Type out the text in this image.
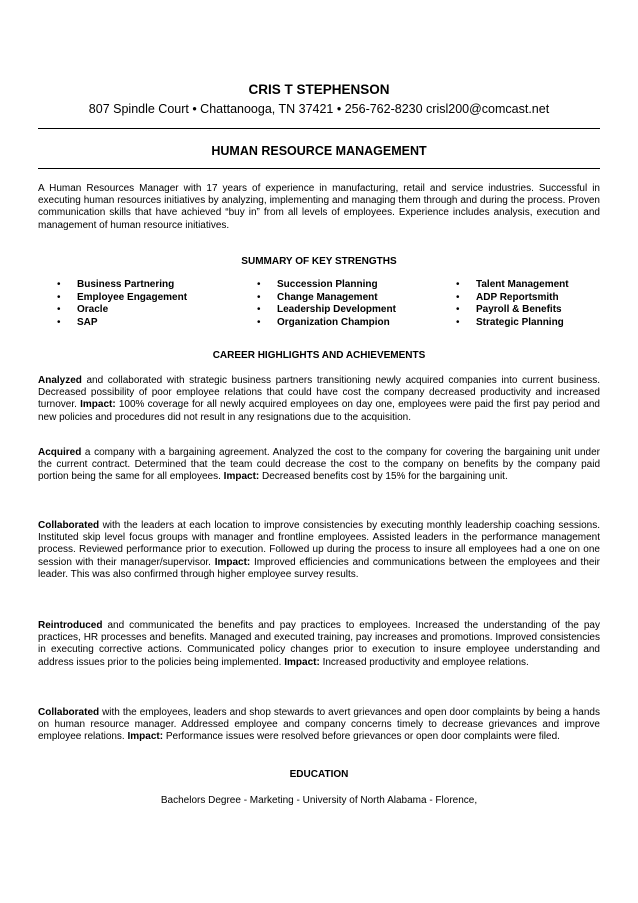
CRIS T STEPHENSON
807 Spindle Court • Chattanooga, TN 37421 • 256-762-8230 crisl200@comcast.net
HUMAN RESOURCE MANAGEMENT

A Human Resources Manager with 17 years of experience in manufacturing, retail and service industries. Successful in executing human resources initiatives by analyzing, implementing and managing them through and during the process. Proven communication skills that have achieved “buy in” from all levels of employees. Experience includes analysis, execution and management of human resource initiatives.

SUMMARY OF KEY STRENGTHS
• Business Partnering
• Employee Engagement
• Oracle
• SAP
• Succession Planning
• Change Management
• Leadership Development
• Organization Champion
• Talent Management
• ADP Reportsmith
• Payroll & Benefits
• Strategic Planning
CAREER HIGHLIGHTS AND ACHIEVEMENTS

Analyzed and collaborated with strategic business partners transitioning newly acquired companies into current business. Decreased possibility of poor employee relations that could have cost the company decreased productivity and increased turnover. Impact: 100% coverage for all newly acquired employees on day one, employees were paid the first pay period and new policies and procedures did not result in any resignations due to the acquisition.

Acquired a company with a bargaining agreement. Analyzed the cost to the company for covering the bargaining unit under the current contract. Determined that the team could decrease the cost to the company on benefits by the company paid portion being the same for all employees. Impact: Decreased benefits cost by 15% for the bargaining unit.

Collaborated with the leaders at each location to improve consistencies by executing monthly leadership coaching sessions. Instituted skip level focus groups with manager and frontline employees. Assisted leaders in the performance management process. Reviewed performance prior to execution. Followed up during the process to insure all employees had a one on one session with their manager/supervisor. Impact: Improved efficiencies and communications between the employees and their leader. This was also confirmed through higher employee survey results.

Reintroduced and communicated the benefits and pay practices to employees. Increased the understanding of the pay practices, HR processes and benefits. Managed and executed training, pay increases and promotions. Improved consistencies in executing corrective actions. Communicated policy changes prior to execution to insure employee understanding and address issues prior to the policies being implemented. Impact: Increased productivity and employee relations.

Collaborated with the employees, leaders and shop stewards to avert grievances and open door complaints by being a hands on human resource manager. Addressed employee and company concerns timely to decrease grievances and improve employee relations. Impact: Performance issues were resolved before grievances or open door complaints were filed.

EDUCATION
Bachelors Degree - Marketing - University of North Alabama - Florence,
